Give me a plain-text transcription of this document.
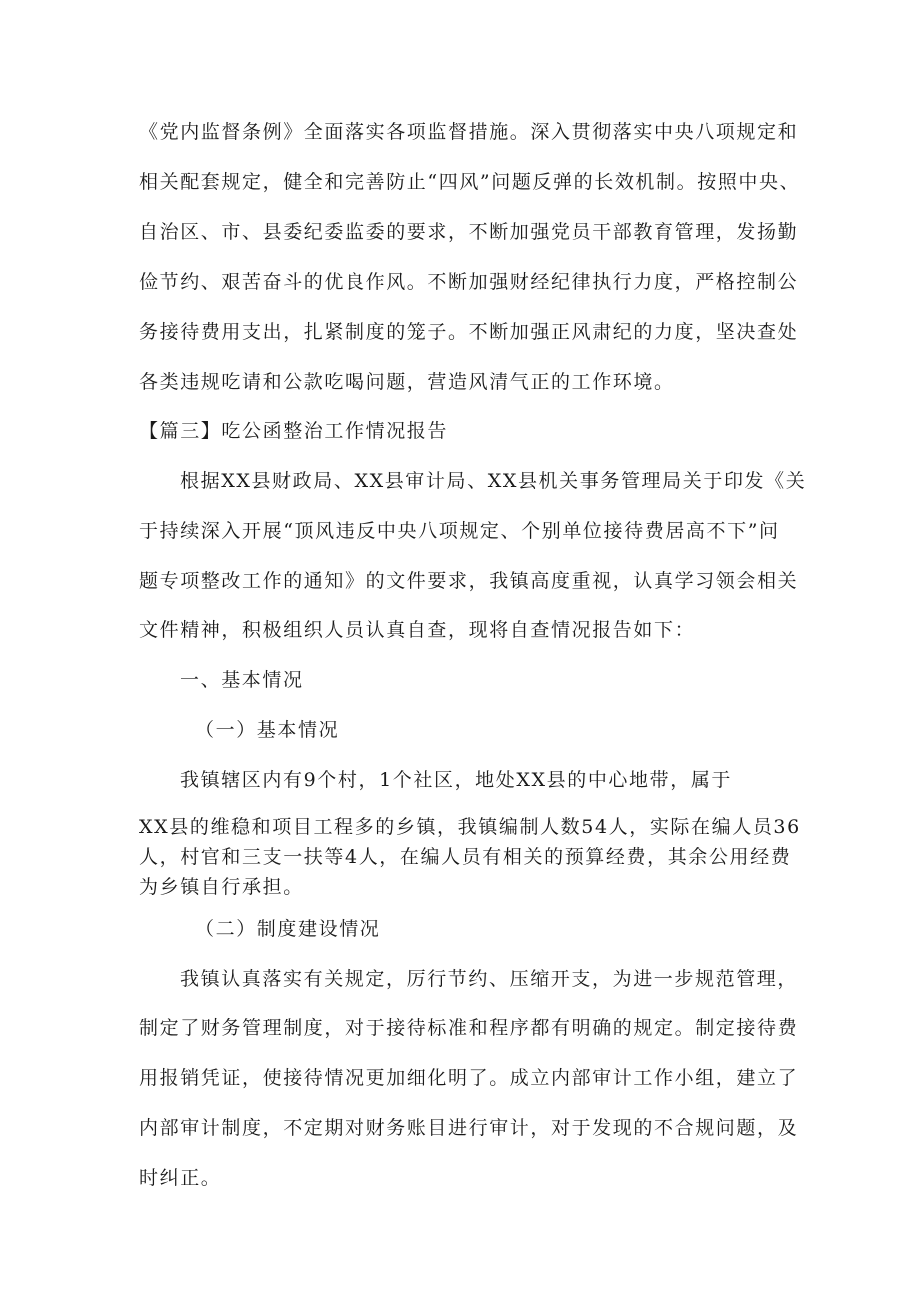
《党内监督条例》全面落实各项监督措施。深入贯彻落实中央八项规定和

相关配套规定，健全和完善防止“四风”问题反弹的长效机制。按照中央、

自治区、市、县委纪委监委的要求，不断加强党员干部教育管理，发扬勤

俭节约、艰苦奋斗的优良作风。不断加强财经纪律执行力度，严格控制公

务接待费用支出，扎紧制度的笼子。不断加强正风肃纪的力度，坚决查处

各类违规吃请和公款吃喝问题，营造风清气正的工作环境。

【篇三】吃公函整治工作情况报告

根据XX县财政局、XX县审计局、XX县机关事务管理局关于印发《关

于持续深入开展“顶风违反中央八项规定、个别单位接待费居高不下”问

题专项整改工作的通知》的文件要求，我镇高度重视，认真学习领会相关

文件精神，积极组织人员认真自查，现将自查情况报告如下：

一、基本情况

（一）基本情况

我镇辖区内有9个村，1个社区，地处XX县的中心地带，属于

XX县的维稳和项目工程多的乡镇，我镇编制人数54人，实际在编人员36

人，村官和三支一扶等4人，在编人员有相关的预算经费，其余公用经费

为乡镇自行承担。

（二）制度建设情况

我镇认真落实有关规定，厉行节约、压缩开支，为进一步规范管理，

制定了财务管理制度，对于接待标准和程序都有明确的规定。制定接待费

用报销凭证，使接待情况更加细化明了。成立内部审计工作小组，建立了

内部审计制度，不定期对财务账目进行审计，对于发现的不合规问题，及

时纠正。
